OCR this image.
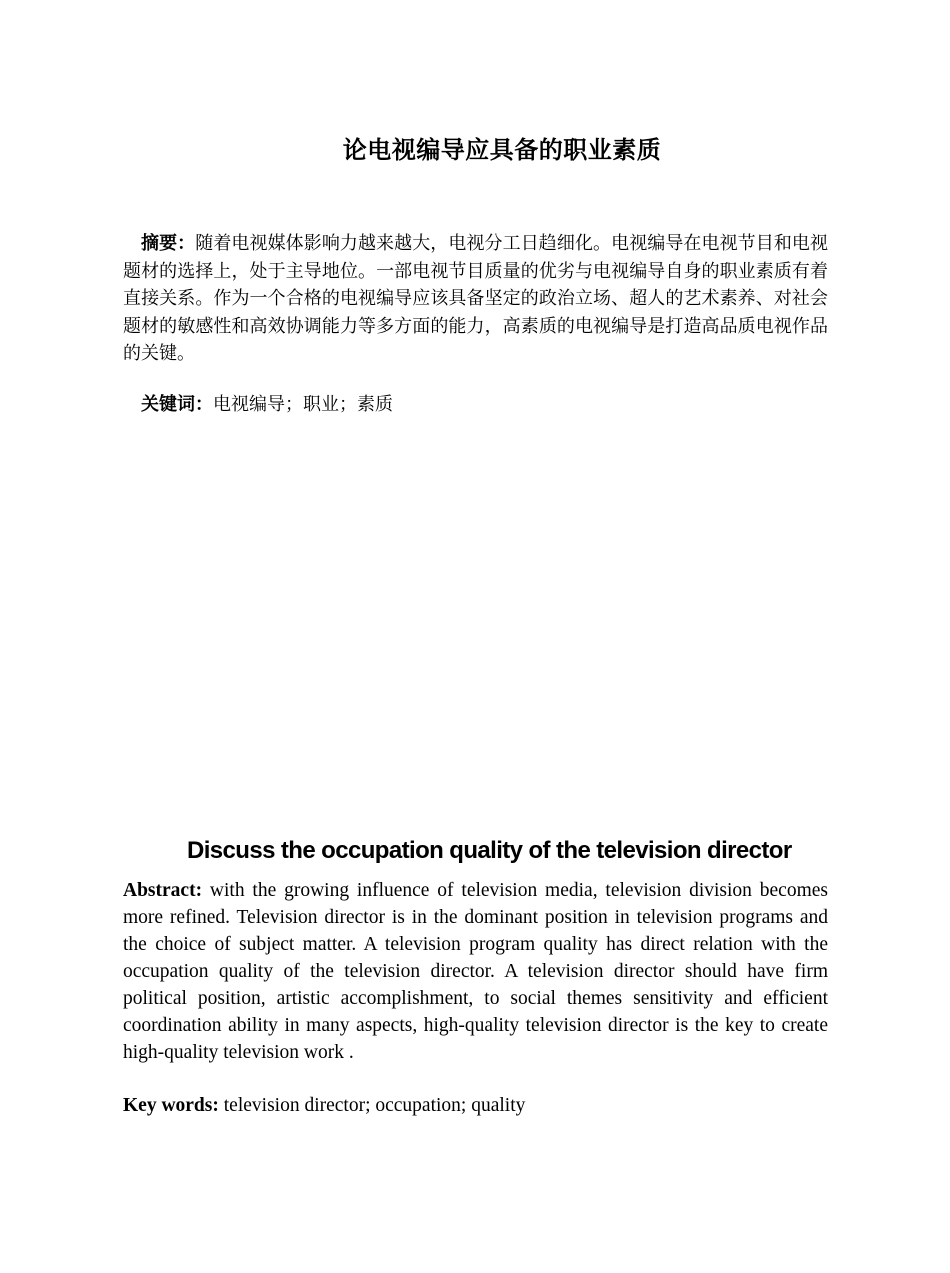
论电视编导应具备的职业素质

摘要：随着电视媒体影响力越来越大，电视分工日趋细化。电视编导在电视节目和电视题材的选择上，处于主导地位。一部电视节目质量的优劣与电视编导自身的职业素质有着直接关系。作为一个合格的电视编导应该具备坚定的政治立场、超人的艺术素养、对社会题材的敏感性和高效协调能力等多方面的能力，高素质的电视编导是打造高品质电视作品的关键。

关键词：电视编导；职业；素质
Discuss the occupation quality of the television director

Abstract: with the growing influence of television media, television division becomes more refined. Television director is in the dominant position in television programs and the choice of subject matter. A television program quality has direct relation with the occupation quality of the television director. A television director should have firm political position, artistic accomplishment, to social themes sensitivity and efficient coordination ability in many aspects, high-quality television director is the key to create high-quality television work .

Key words: television director; occupation; quality
